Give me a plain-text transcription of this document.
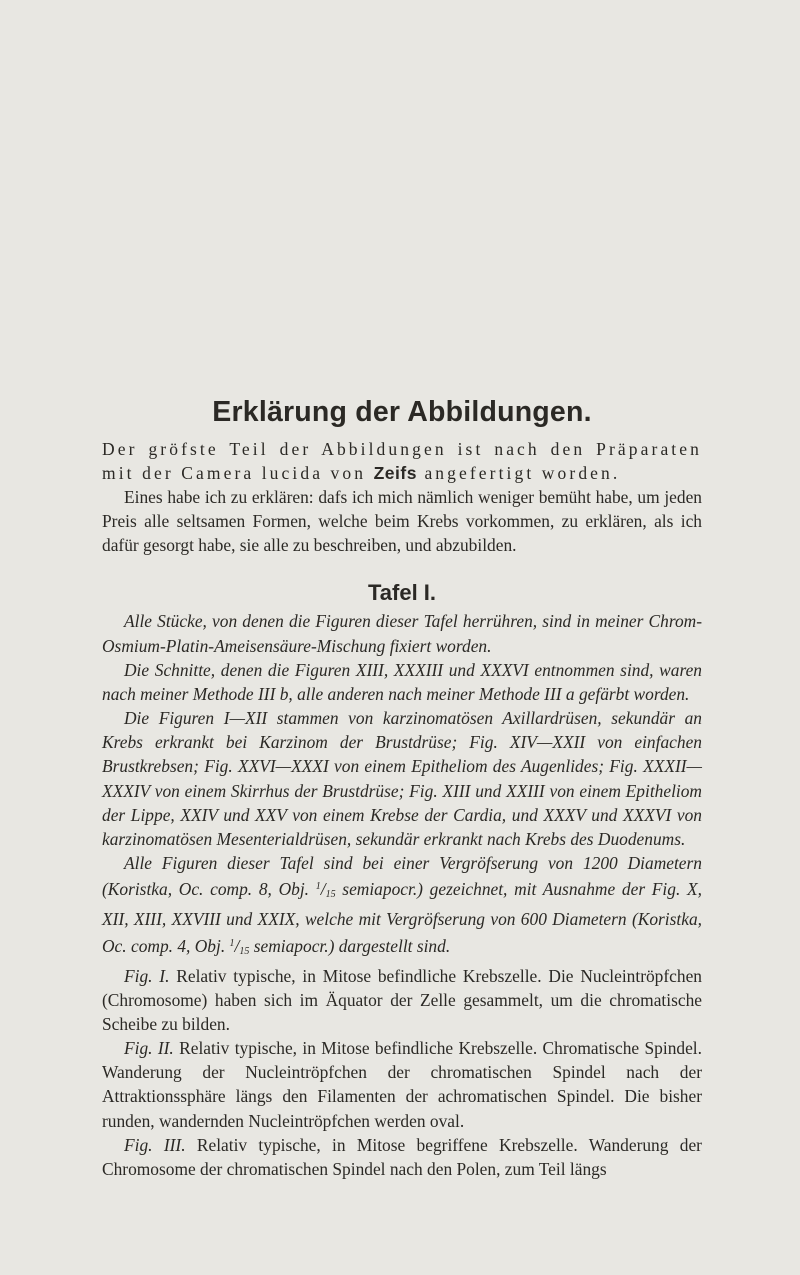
Erklärung der Abbildungen.
Der gröfste Teil der Abbildungen ist nach den Präparaten
mit der Camera lucida von Zeifs angefertigt worden.

Eines habe ich zu erklären: dafs ich mich nämlich weniger bemüht habe, um jeden Preis alle seltsamen Formen, welche beim Krebs vorkommen, zu erklären, als ich dafür gesorgt habe, sie alle zu beschreiben, und abzubilden.

Tafel I.

Alle Stücke, von denen die Figuren dieser Tafel herrühren, sind in meiner Chrom-Osmium-Platin-Ameisensäure-Mischung fixiert worden.

Die Schnitte, denen die Figuren XIII, XXXIII und XXXVI entnommen sind, waren nach meiner Methode III b, alle anderen nach meiner Methode III a gefärbt worden.

Die Figuren I—XII stammen von karzinomatösen Axillardrüsen, sekundär an Krebs erkrankt bei Karzinom der Brustdrüse; Fig. XIV—XXII von einfachen Brustkrebsen; Fig. XXVI—XXXI von einem Epitheliom des Augenlides; Fig. XXXII—XXXIV von einem Skirrhus der Brustdrüse; Fig. XIII und XXIII von einem Epitheliom der Lippe, XXIV und XXV von einem Krebse der Cardia, und XXXV und XXXVI von karzinomatösen Mesenterialdrüsen, sekundär erkrankt nach Krebs des Duodenums.

Alle Figuren dieser Tafel sind bei einer Vergröfserung von 1200 Diametern (Koristka, Oc. comp. 8, Obj. $^1/_{15}$ semiapocr.) gezeichnet, mit Ausnahme der Fig. X, XII, XIII, XXVIII und XXIX, welche mit Vergröfserung von 600 Diametern (Koristka, Oc. comp. 4, Obj. $^1/_{15}$ semiapocr.) dargestellt sind.

Fig. I. Relativ typische, in Mitose befindliche Krebszelle. Die Nucleintröpfchen (Chromosome) haben sich im Äquator der Zelle gesammelt, um die chromatische Scheibe zu bilden.

Fig. II. Relativ typische, in Mitose befindliche Krebszelle. Chromatische Spindel. Wanderung der Nucleintröpfchen der chromatischen Spindel nach der Attraktionssphäre längs den Filamenten der achromatischen Spindel. Die bisher runden, wandernden Nucleintröpfchen werden oval.

Fig. III. Relativ typische, in Mitose begriffene Krebszelle. Wanderung der Chromosome der chromatischen Spindel nach den Polen, zum Teil längs
